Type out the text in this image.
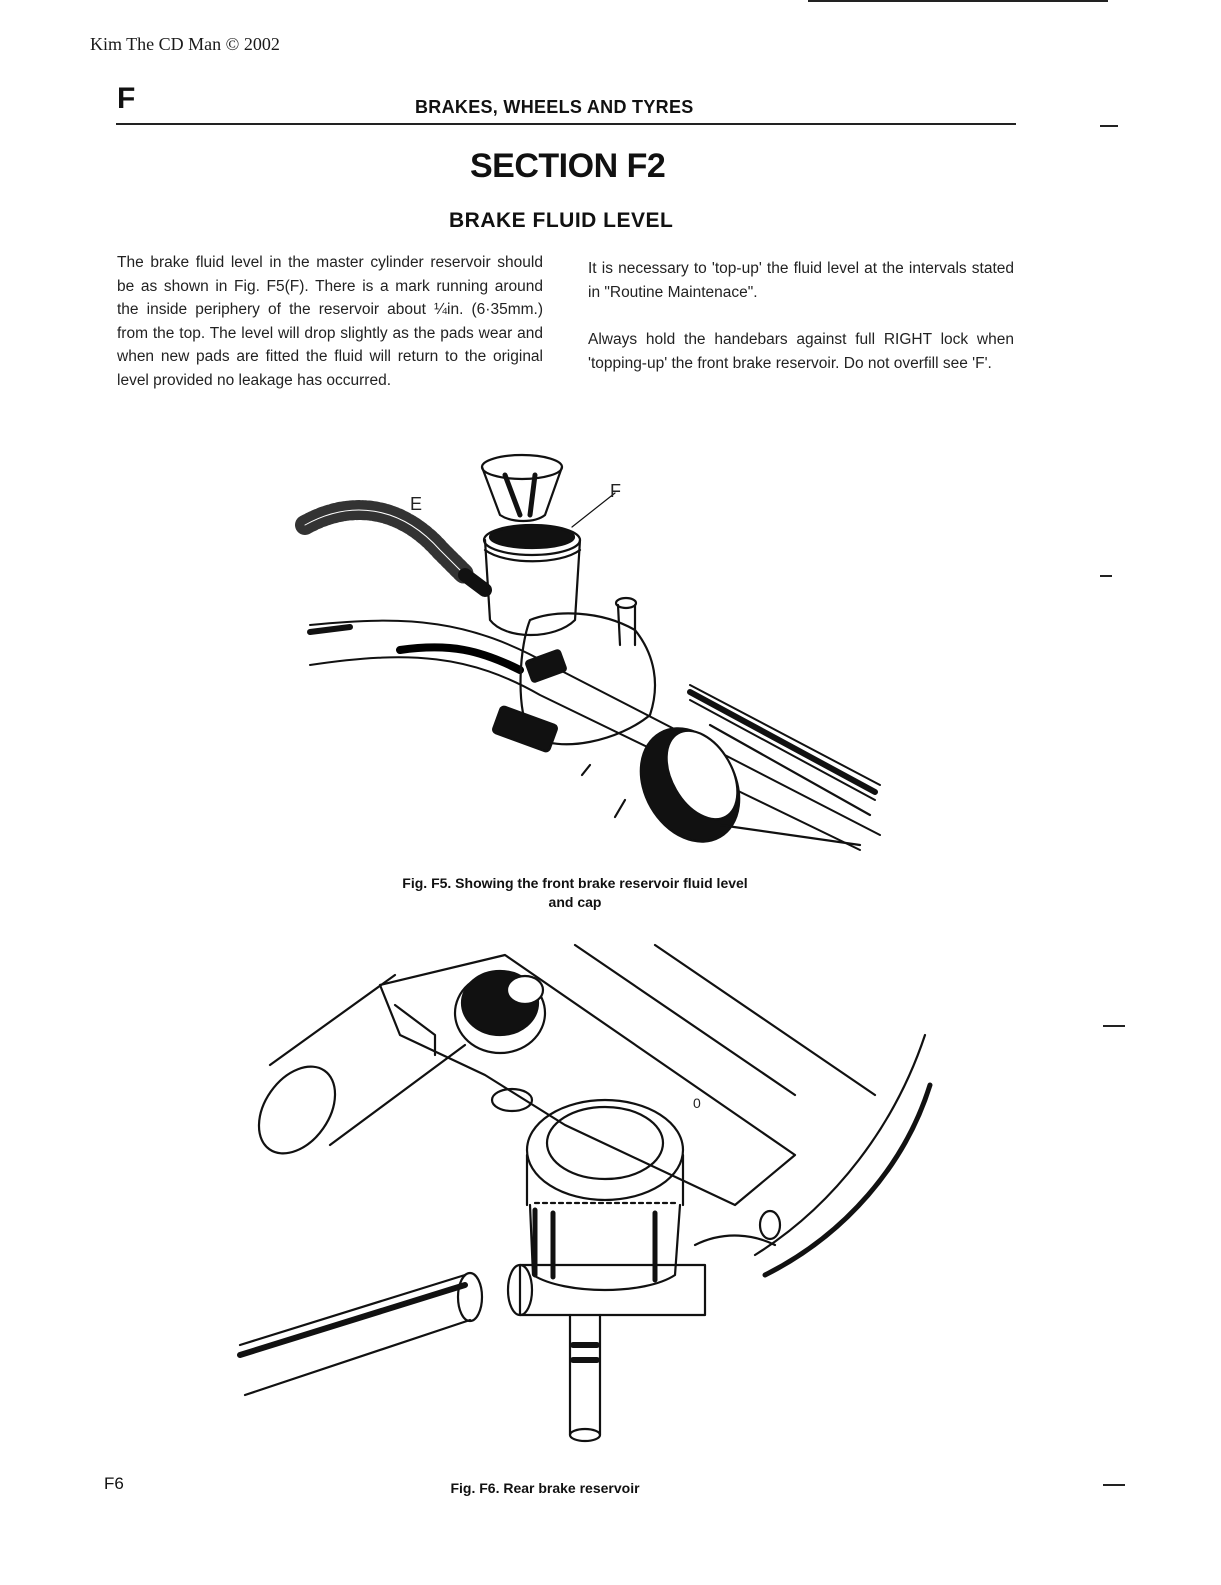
Kim The CD Man © 2002
F	BRAKES, WHEELS AND TYRES
SECTION F2
BRAKE FLUID LEVEL

The brake fluid level in the master cylinder reservoir should be as shown in Fig. F5(F). There is a mark running around the inside periphery of the reservoir about ¼in. (6·35mm.) from the top. The level will drop slightly as the pads wear and when new pads are fitted the fluid will return to the original level provided no leakage has occurred.

It is necessary to 'top-up' the fluid level at the intervals stated in "Routine Maintenace".

Always hold the handebars against full RIGHT lock when 'topping-up' the front brake reservoir. Do not overfill see 'F'.

E
F
Fig. F5. Showing the front brake reservoir fluid level
and cap
0
Fig. F6. Rear brake reservoir
F6
